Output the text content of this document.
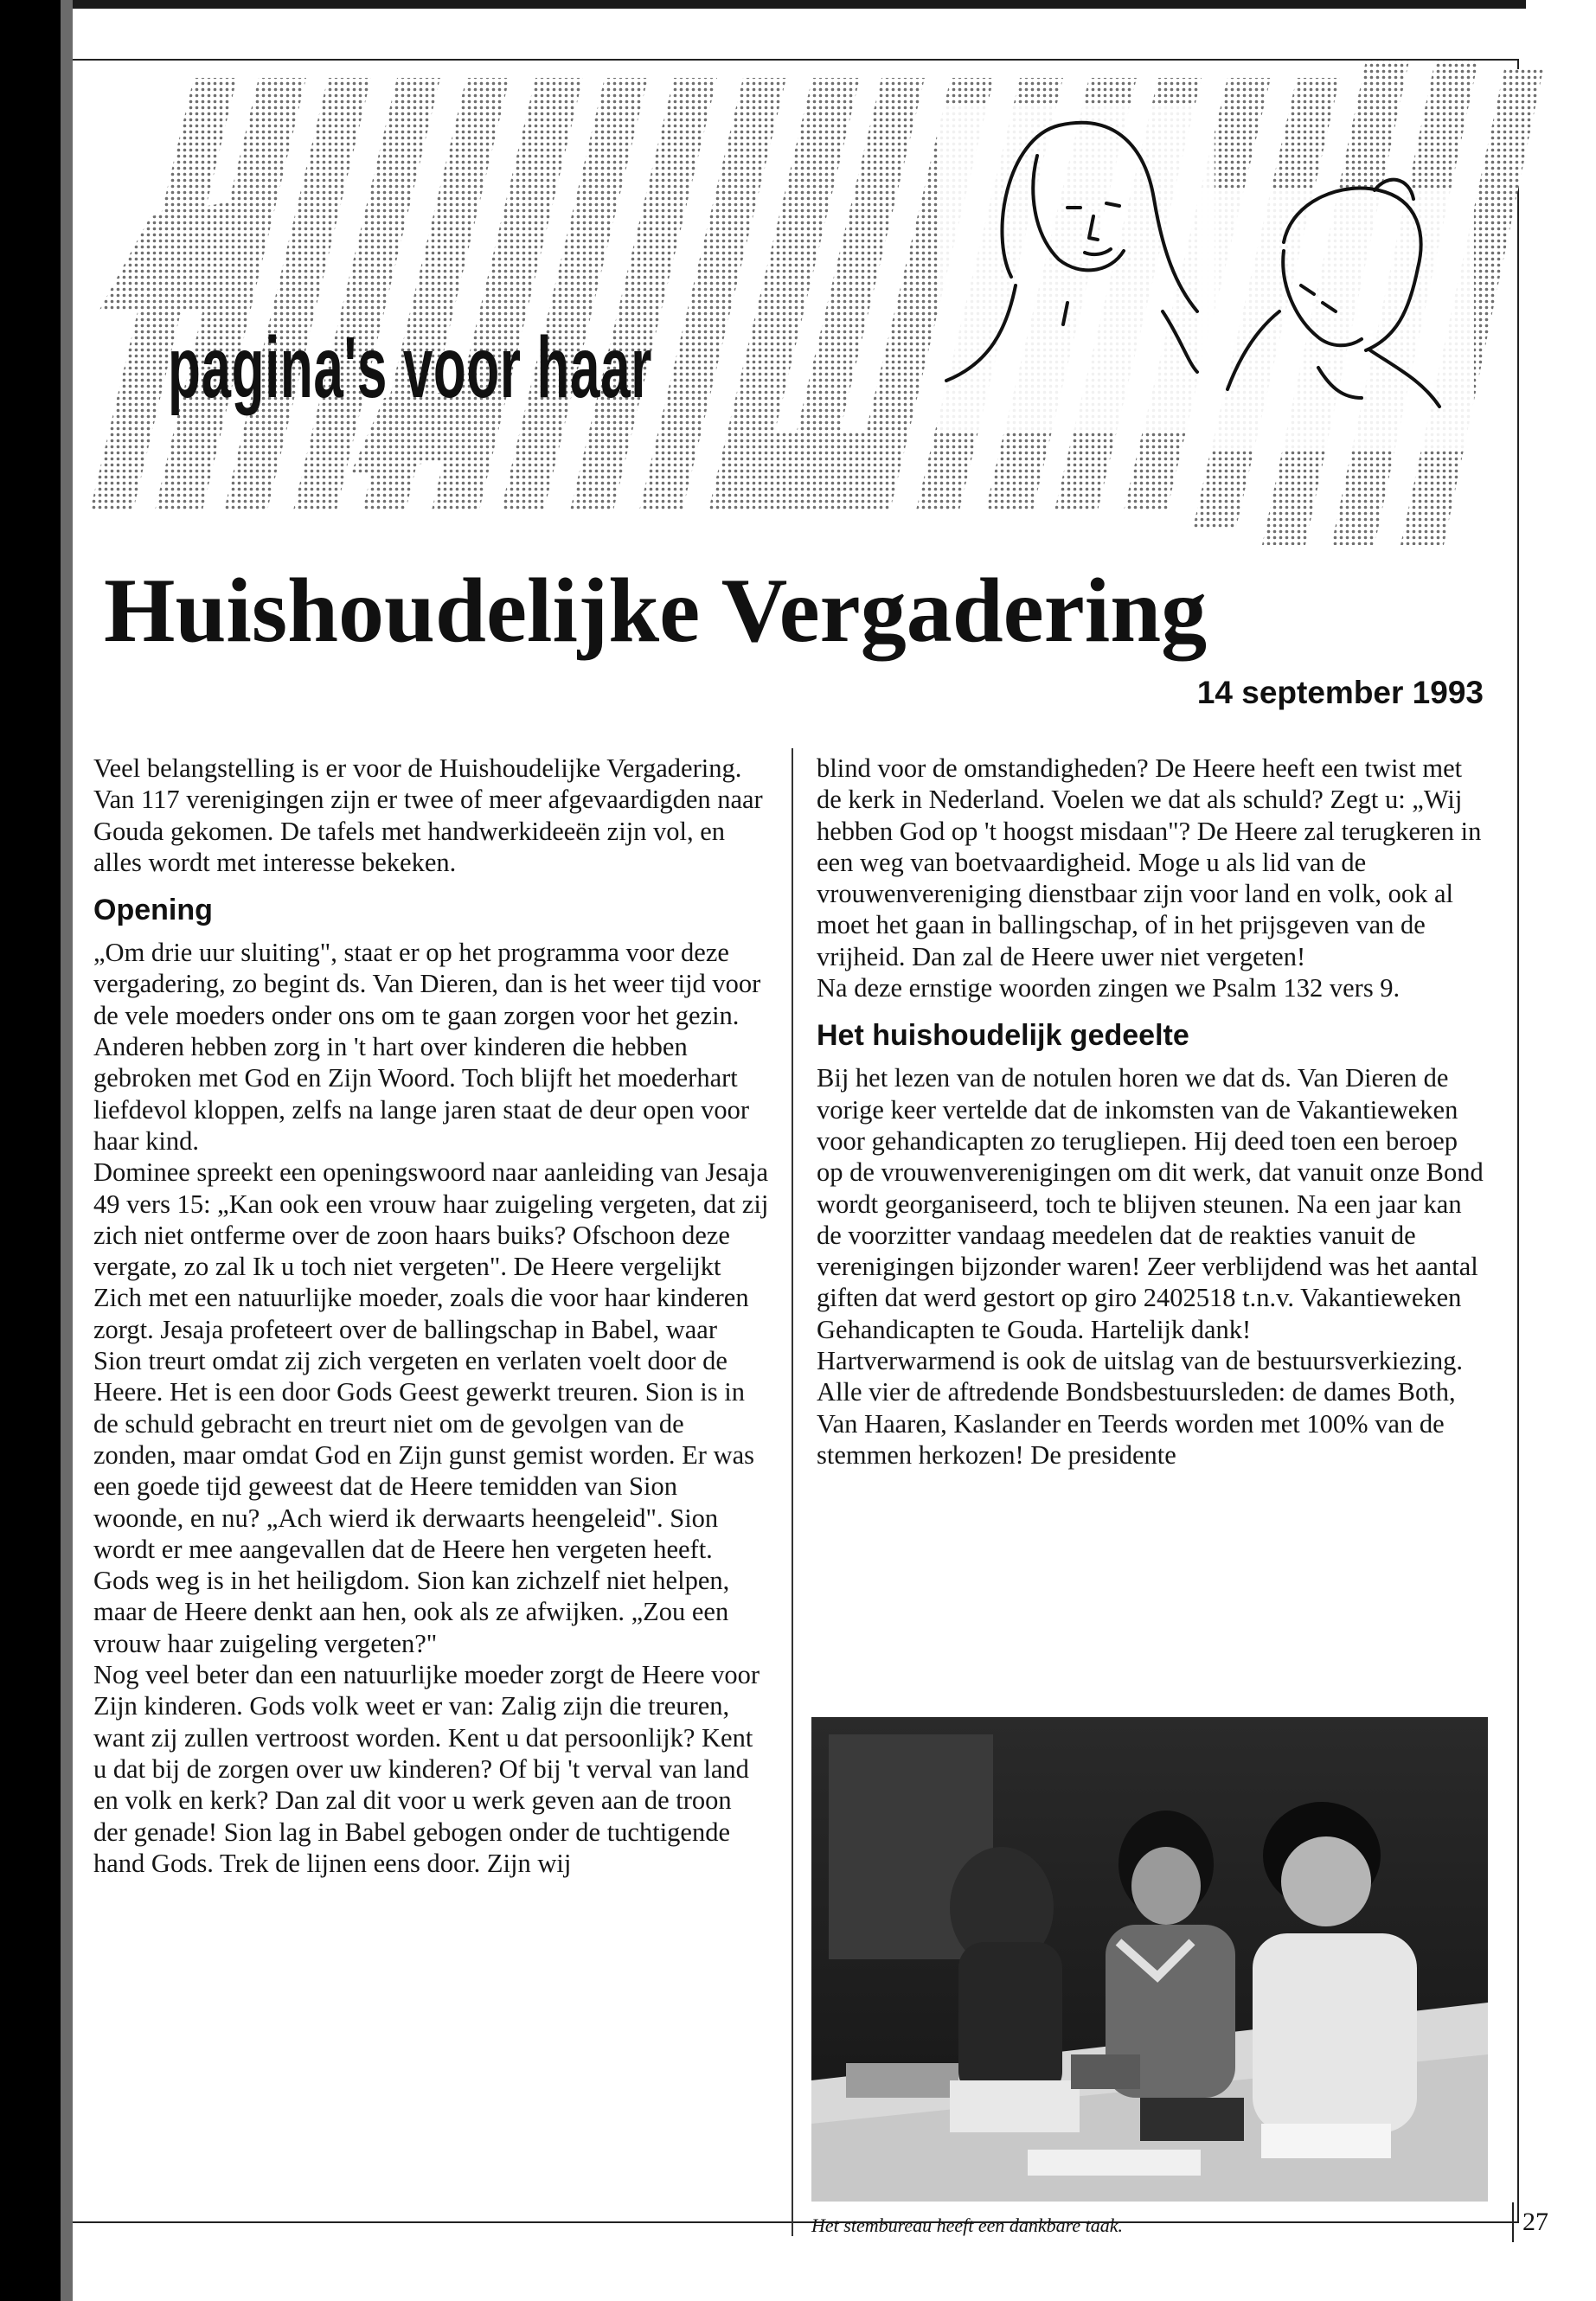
pagina's voor haar
Huishoudelijke Vergadering

14 september 1993

Veel belangstelling is er voor de Huishoudelijke Vergadering. Van 117 verenigingen zijn er twee of meer afgevaardigden naar Gouda gekomen. De tafels met handwerkideeën zijn vol, en alles wordt met interesse bekeken.

Opening

„Om drie uur sluiting", staat er op het programma voor deze vergadering, zo begint ds. Van Dieren, dan is het weer tijd voor de vele moeders onder ons om te gaan zorgen voor het gezin. Anderen hebben zorg in 't hart over kinderen die hebben gebroken met God en Zijn Woord. Toch blijft het moederhart liefdevol kloppen, zelfs na lange jaren staat de deur open voor haar kind.

Dominee spreekt een openingswoord naar aanleiding van Jesaja 49 vers 15: „Kan ook een vrouw haar zuigeling vergeten, dat zij zich niet ontferme over de zoon haars buiks? Ofschoon deze vergate, zo zal Ik u toch niet vergeten". De Heere vergelijkt Zich met een natuurlijke moeder, zoals die voor haar kinderen zorgt. Jesaja profeteert over de ballingschap in Babel, waar Sion treurt omdat zij zich vergeten en verlaten voelt door de Heere. Het is een door Gods Geest gewerkt treuren. Sion is in de schuld gebracht en treurt niet om de gevolgen van de zonden, maar omdat God en Zijn gunst gemist worden. Er was een goede tijd geweest dat de Heere temidden van Sion woonde, en nu? „Ach wierd ik derwaarts heengeleid". Sion wordt er mee aangevallen dat de Heere hen vergeten heeft.

Gods weg is in het heiligdom. Sion kan zichzelf niet helpen, maar de Heere denkt aan hen, ook als ze afwijken. „Zou een vrouw haar zuigeling vergeten?"

Nog veel beter dan een natuurlijke moeder zorgt de Heere voor Zijn kinderen. Gods volk weet er van: Zalig zijn die treuren, want zij zullen vertroost worden. Kent u dat persoonlijk? Kent u dat bij de zorgen over uw kinderen? Of bij 't verval van land en volk en kerk? Dan zal dit voor u werk geven aan de troon der genade! Sion lag in Babel gebogen onder de tuchtigende hand Gods. Trek de lijnen eens door. Zijn wij

blind voor de omstandigheden? De Heere heeft een twist met de kerk in Nederland. Voelen we dat als schuld? Zegt u: „Wij hebben God op 't hoogst misdaan"? De Heere zal terugkeren in een weg van boetvaardigheid. Moge u als lid van de vrouwenvereniging dienstbaar zijn voor land en volk, ook al moet het gaan in ballingschap, of in het prijsgeven van de vrijheid. Dan zal de Heere uwer niet vergeten!

Na deze ernstige woorden zingen we Psalm 132 vers 9.

Het huishoudelijk gedeelte

Bij het lezen van de notulen horen we dat ds. Van Dieren de vorige keer vertelde dat de inkomsten van de Vakantieweken voor gehandicapten zo terugliepen. Hij deed toen een beroep op de vrouwenverenigingen om dit werk, dat vanuit onze Bond wordt georganiseerd, toch te blijven steunen. Na een jaar kan de voorzitter vandaag meedelen dat de reakties vanuit de verenigingen bijzonder waren! Zeer verblijdend was het aantal giften dat werd gestort op giro 2402518 t.n.v. Vakantieweken Gehandicapten te Gouda. Hartelijk dank!

Hartverwarmend is ook de uitslag van de bestuursverkiezing. Alle vier de aftredende Bondsbestuursleden: de dames Both, Van Haaren, Kaslander en Teerds worden met 100% van de stemmen herkozen! De presidente

Het stembureau heeft een dankbare taak.	27
